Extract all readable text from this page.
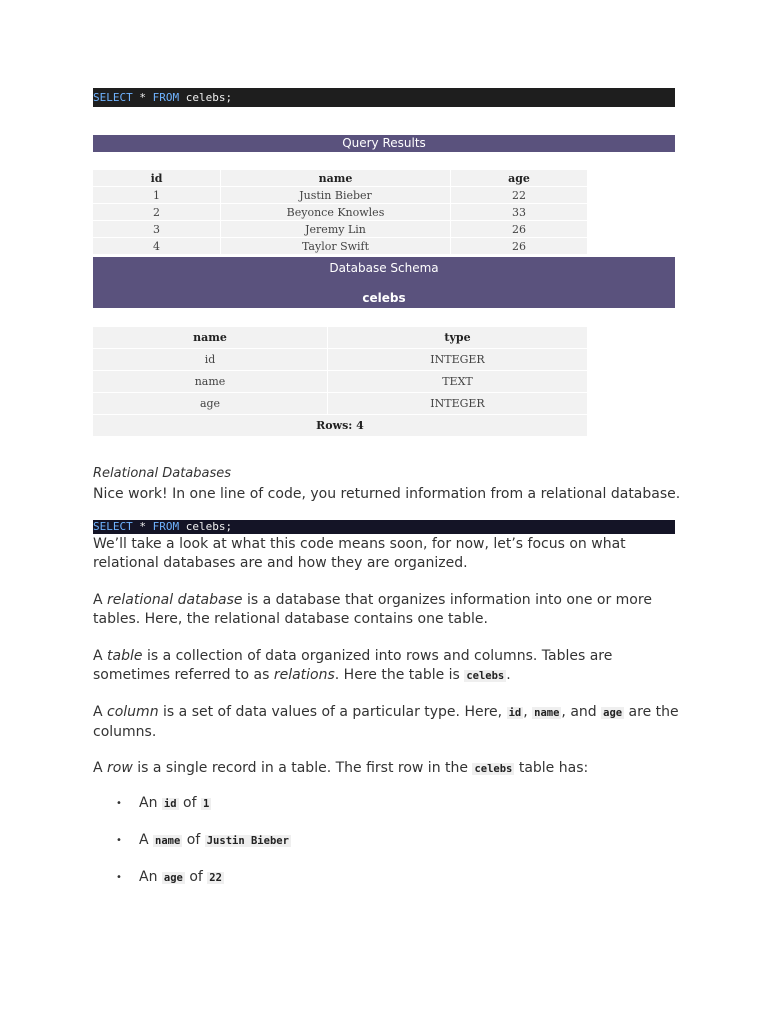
SELECT * FROM celebs;
Query Results
id	name	age
1	Justin Bieber	22
2	Beyonce Knowles	33
3	Jeremy Lin	26
4	Taylor Swift	26
Database Schema
celebs
name	type
id	INTEGER
name	TEXT
age	INTEGER
Rows: 4	
Relational Databases

Nice work! In one line of code, you returned information from a relational database.

SELECT * FROM celebs;

We’ll take a look at what this code means soon, for now, let’s focus on what relational databases are and how they are organized.

A relational database is a database that organizes information into one or more tables. Here, the relational database contains one table.

A table is a collection of data organized into rows and columns. Tables are sometimes referred to as relations. Here the table is celebs .

A column is a set of data values of a particular type. Here, id , name , and age are the columns.

A row is a single record in a table. The first row in the celebs table has:

• An id of 1
• A name of Justin Bieber
• An age of 22
